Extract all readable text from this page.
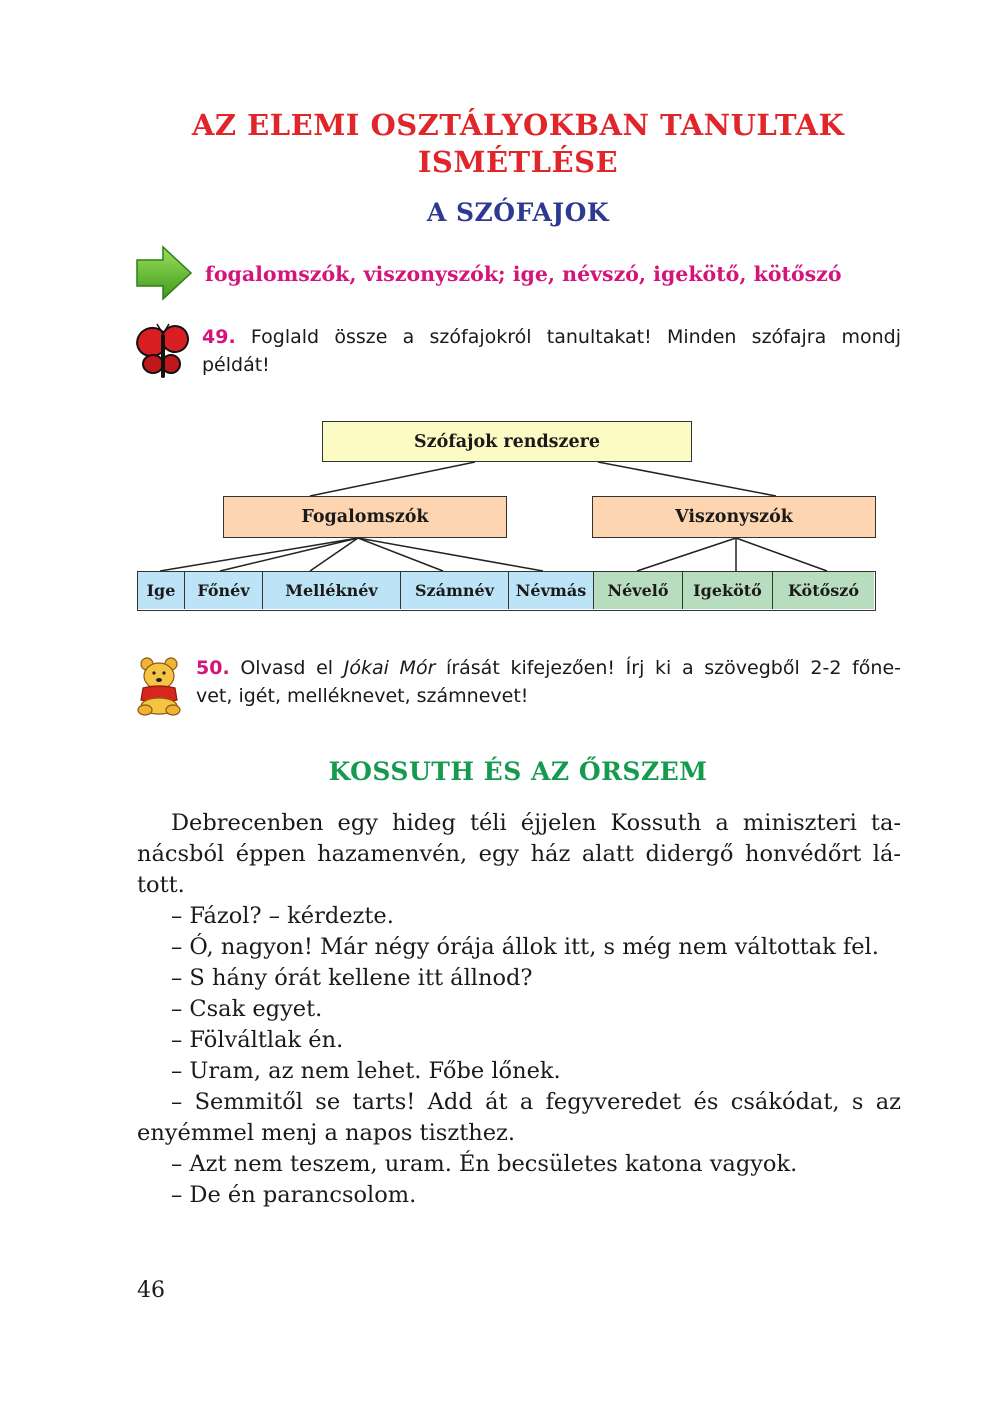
AZ ELEMI OSZTÁLYOKBAN TANULTAK
ISMÉTLÉSE
A SZÓFAJOK
fogalomszók, viszonyszók; ige, névszó, igekötő, kötőszó
49. Foglald össze a szófajokról tanultakat! Minden szófajra mondj
példát!
Szófajok rendszere
Fogalomszók	Viszonyszók
Ige Főnév Melléknév Számnév Névmás Névelő Igekötő Kötőszó
50. Olvasd el Jókai Mór írását kifejezően! Írj ki a szövegből 2-2 főne-
vet, igét, melléknevet, számnevet!
KOSSUTH ÉS AZ ŐRSZEM

Debrecenben egy hideg téli éjjelen Kossuth a miniszteri tanácsból éppen hazamenvén, egy ház alatt didergő honvédőrt látott.

– Fázol? – kérdezte.

– Ó, nagyon! Már négy órája állok itt, s még nem váltottak fel.

– S hány órát kellene itt állnod?

– Csak egyet.

– Fölváltlak én.

– Uram, az nem lehet. Főbe lőnek.

– Semmitől se tarts! Add át a fegyveredet és csákódat, s az enyémmel menj a napos tiszthez.

– Azt nem teszem, uram. Én becsületes katona vagyok.

– De én parancsolom.

46
